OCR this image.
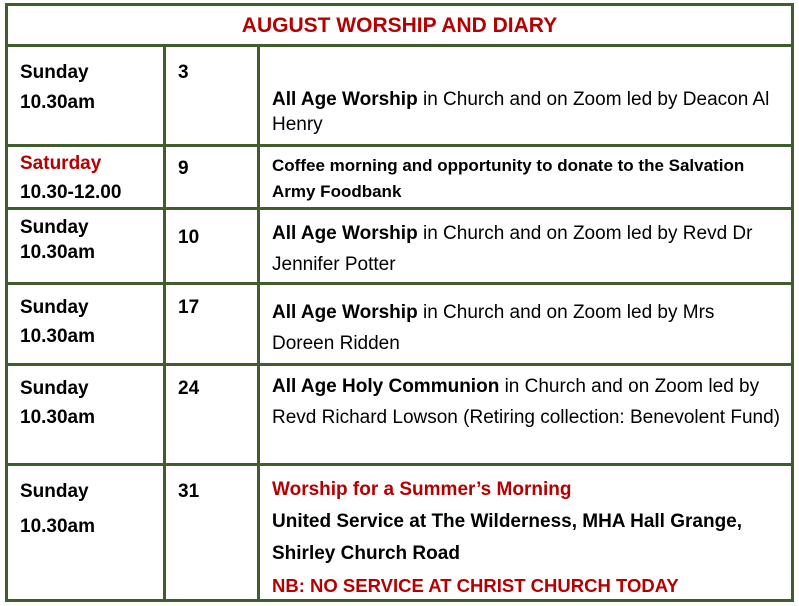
AUGUST WORSHIP AND DIARY
Sunday
10.30am
3
All Age Worship in Church and on Zoom led by Deacon Al Henry
Saturday
10.30-12.00
9	Coffee morning and opportunity to donate to the Salvation Army Foodbank
Sunday
10.30am
10	All Age Worship in Church and on Zoom led by Revd Dr Jennifer Potter
Sunday
10.30am
17	All Age Worship in Church and on Zoom led by Mrs Doreen Ridden
Sunday
10.30am
24	All Age Holy Communion in Church and on Zoom led by Revd Richard Lowson (Retiring collection: Benevolent Fund)
Sunday
10.30am
31	Worship for a Summer’s Morning
United Service at The Wilderness, MHA Hall Grange, Shirley Church Road
NB: NO SERVICE AT CHRIST CHURCH TODAY
